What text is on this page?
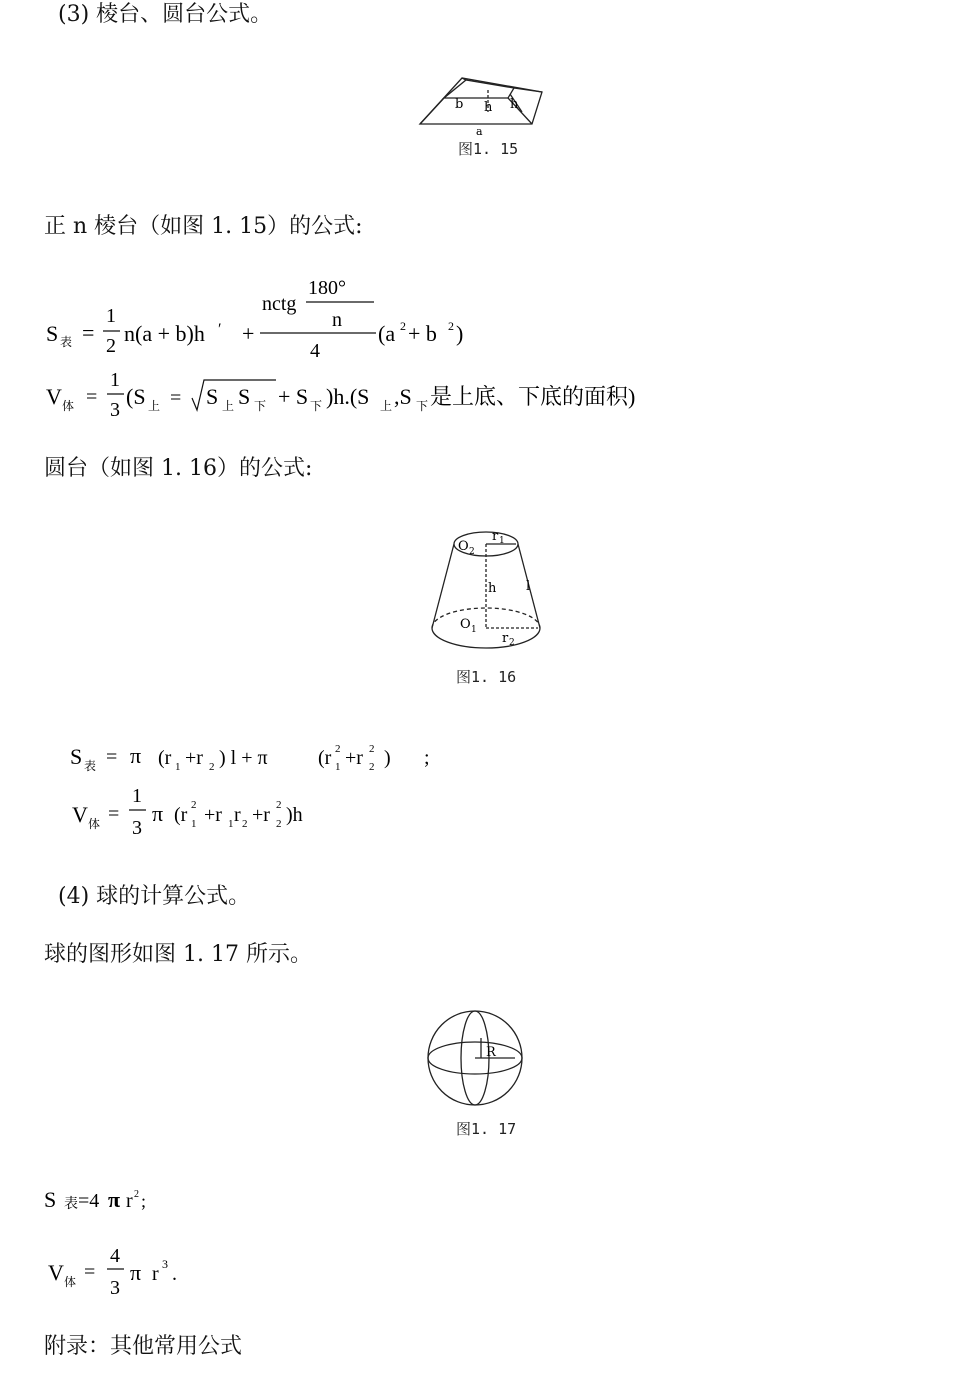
(3) 棱台、圆台公式。
b h h
a
图1. 15
正 n 棱台（如图 1. 15）的公式:
S 表 =
1
2 n(a + b)h ′ +
180°
nctg
n
4
(a 2 + b 2 )
V 体 =
1
3
(S 上 = S 上 S 下 + S 下 )h.(S 上 ,S 下 是上底、下底的面积)
圆台（如图 1. 16）的公式:
O 2
r 1
h l
O 1
r 2
图1. 16
S 表 = π (r 1 +r 2 ) l + π	(r 1
2 +r 2
2 ) ;
V 体 =
1
3
π (r 1
2 +r 1 r 2 +r 2
2 )h
(4) 球的计算公式。
球的图形如图 1. 17 所示。
R
图1. 17
S 表 =4 π r 2 ;
V 体 =
4
3
π r 3 .
附录：其他常用公式
